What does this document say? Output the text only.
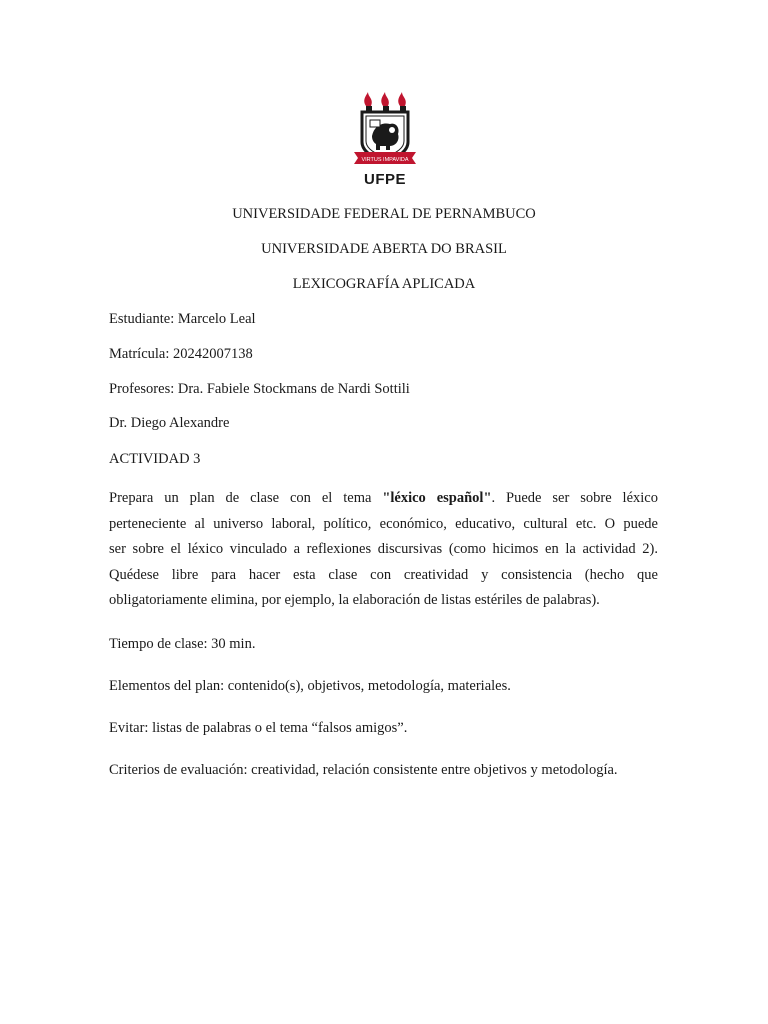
VIRTUS IMPAVIDA
UFPE
UNIVERSIDADE FEDERAL DE PERNAMBUCO
UNIVERSIDADE ABERTA DO BRASIL
LEXICOGRAFÍA APLICADA
Estudiante: Marcelo Leal
Matrícula: 20242007138
Profesores: Dra. Fabiele Stockmans de Nardi Sottili
Dr. Diego Alexandre
ACTIVIDAD 3
Prepara un plan de clase con el tema "léxico español". Puede ser sobre léxico
perteneciente al universo laboral, político, económico, educativo, cultural etc. O puede
ser sobre el léxico vinculado a reflexiones discursivas (como hicimos en la actividad 2).
Quédese libre para hacer esta clase con creatividad y consistencia (hecho que
obligatoriamente elimina, por ejemplo, la elaboración de listas estériles de palabras).
Tiempo de clase: 30 min.
Elementos del plan: contenido(s), objetivos, metodología, materiales.
Evitar: listas de palabras o el tema “falsos amigos”.
Criterios de evaluación: creatividad, relación consistente entre objetivos y metodología.
